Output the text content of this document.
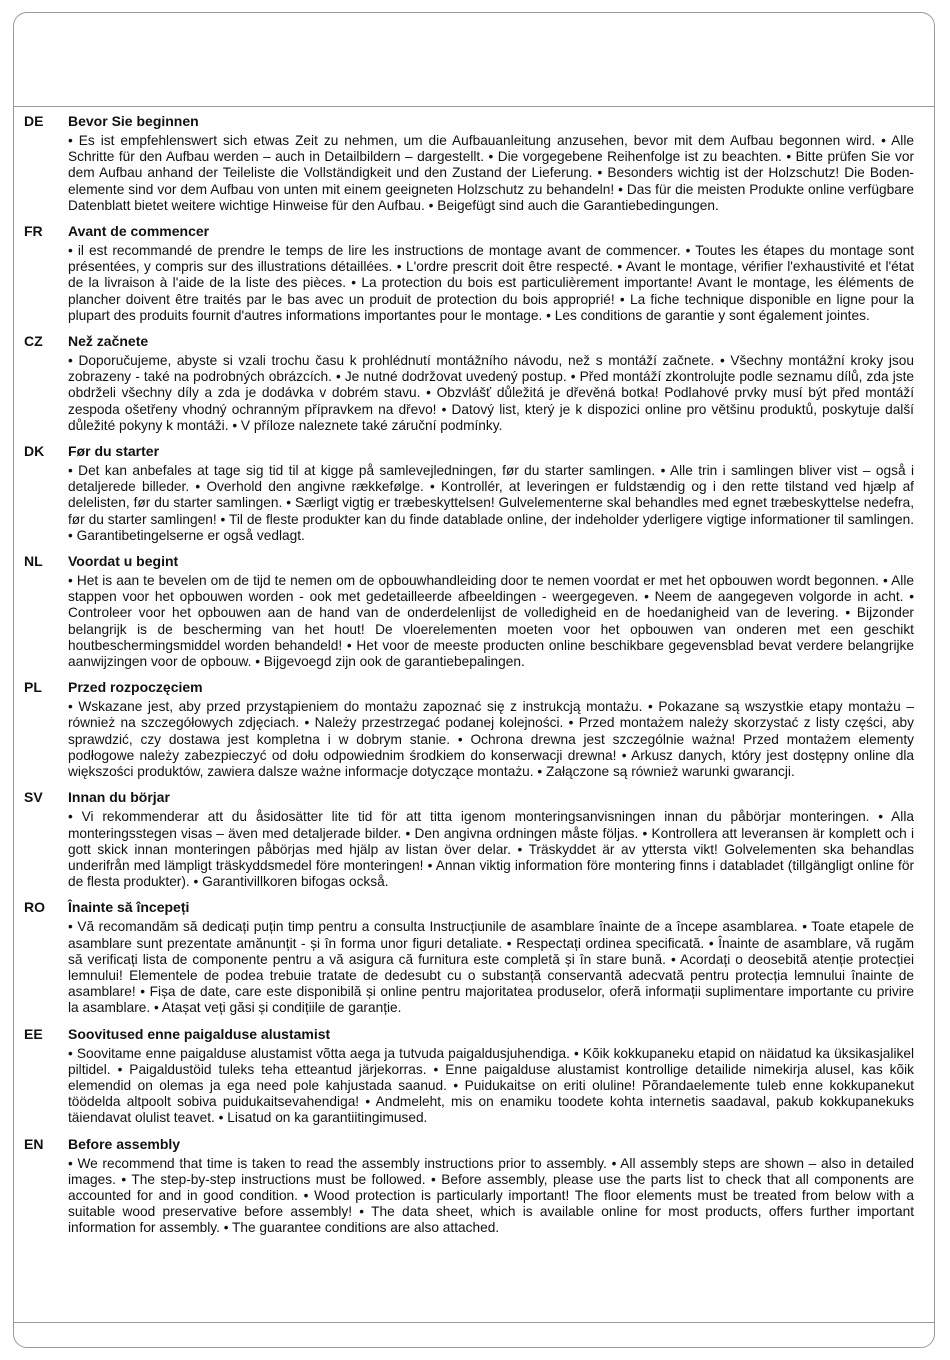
DE Bevor Sie beginnen
• Es ist empfehlenswert sich etwas Zeit zu nehmen, um die Aufbauanleitung anzusehen, bevor mit dem Aufbau begonnen wird. • Alle Schritte für den Aufbau werden – auch in Detailbildern – dargestellt. • Die vorgegebene Reihenfolge ist zu beachten. • Bitte prüfen Sie vor dem Aufbau anhand der Teileliste die Vollständigkeit und den Zustand der Lieferung. • Besonders wichtig ist der Holzschutz! Die Boden-elemente sind vor dem Aufbau von unten mit einem geeigneten Holzschutz zu behandeln! • Das für die meisten Produkte online verfügbare Datenblatt bietet weitere wichtige Hinweise für den Aufbau. • Beigefügt sind auch die Garantiebedingungen.
FR Avant de commencer
• il est recommandé de prendre le temps de lire les instructions de montage avant de commencer. • Toutes les étapes du montage sont présentées, y compris sur des illustrations détaillées. • L'ordre prescrit doit être respecté. • Avant le montage, vérifier l'exhaustivité et l'état de la livraison à l'aide de la liste des pièces. • La protection du bois est particulièrement importante! Avant le montage, les éléments de plancher doivent être traités par le bas avec un produit de protection du bois approprié! • La fiche technique disponible en ligne pour la plupart des produits fournit d'autres informations importantes pour le montage. • Les conditions de garantie y sont également jointes.
CZ Než začnete
• Doporučujeme, abyste si vzali trochu času k prohlédnutí montážního návodu, než s montáží začnete. • Všechny montážní kroky jsou zobrazeny - také na podrobných obrázcích. • Je nutné dodržovat uvedený postup. • Před montáží zkontrolujte podle seznamu dílů, zda jste obdrželi všechny díly a zda je dodávka v dobrém stavu. • Obzvlášť důležitá je dřevěná botka! Podlahové prvky musí být před montáží zespoda ošetřeny vhodný ochranným přípravkem na dřevo! • Datový list, který je k dispozici online pro většinu produktů, poskytuje další důležité pokyny k montáži. • V příloze naleznete také záruční podmínky.
DK Før du starter
• Det kan anbefales at tage sig tid til at kigge på samlevejledningen, før du starter samlingen. • Alle trin i samlingen bliver vist – også i detaljerede billeder. • Overhold den angivne rækkefølge. • Kontrollér, at leveringen er fuldstændig og i den rette tilstand ved hjælp af delelisten, før du starter samlingen. • Særligt vigtig er træbeskyttelsen! Gulvelementerne skal behandles med egnet træbeskyttelse nedefra, før du starter samlingen! • Til de fleste produkter kan du finde datablade online, der indeholder yderligere vigtige informationer til samlingen. • Garantibetingelserne er også vedlagt.
NL Voordat u begint
• Het is aan te bevelen om de tijd te nemen om de opbouwhandleiding door te nemen voordat er met het opbouwen wordt begonnen. • Alle stappen voor het opbouwen worden - ook met gedetailleerde afbeeldingen - weergegeven. • Neem de aangegeven volgorde in acht. • Controleer voor het opbouwen aan de hand van de onderdelenlijst de volledigheid en de hoedanigheid van de levering. • Bijzonder belangrijk is de bescherming van het hout! De vloerelementen moeten voor het opbouwen van onderen met een geschikt houtbeschermingsmiddel worden behandeld! • Het voor de meeste producten online beschikbare gegevensblad bevat verdere belangrijke aanwijzingen voor de opbouw. • Bijgevoegd zijn ook de garantiebepalingen.
PL Przed rozpoczęciem
• Wskazane jest, aby przed przystąpieniem do montażu zapoznać się z instrukcją montażu. • Pokazane są wszystkie etapy montażu – również na szczegółowych zdjęciach. • Należy przestrzegać podanej kolejności. • Przed montażem należy skorzystać z listy części, aby sprawdzić, czy dostawa jest kompletna i w dobrym stanie. • Ochrona drewna jest szczególnie ważna! Przed montażem elementy podłogowe należy zabezpieczyć od dołu odpowiednim środkiem do konserwacji drewna! • Arkusz danych, który jest dostępny online dla większości produktów, zawiera dalsze ważne informacje dotyczące montażu. • Załączone są również warunki gwarancji.
SV Innan du börjar
• Vi rekommenderar att du åsidosätter lite tid för att titta igenom monteringsanvisningen innan du påbörjar monteringen. • Alla monteringsstegen visas – även med detaljerade bilder. • Den angivna ordningen måste följas. • Kontrollera att leveransen är komplett och i gott skick innan monteringen påbörjas med hjälp av listan över delar. • Träskyddet är av yttersta vikt! Golvelementen ska behandlas underifrån med lämpligt träskyddsmedel före monteringen! • Annan viktig information före montering finns i databladet (tillgängligt online för de flesta produkter). • Garantivillkoren bifogas också.
RO Înainte să începeți
• Vă recomandăm să dedicați puțin timp pentru a consulta Instrucțiunile de asamblare înainte de a începe asamblarea. • Toate etapele de asamblare sunt prezentate amănunțit - și în forma unor figuri detaliate. • Respectați ordinea specificată. • Înainte de asamblare, vă rugăm să verificați lista de componente pentru a vă asigura că furnitura este completă și în stare bună. • Acordați o deosebită atenție protecției lemnului! Elementele de podea trebuie tratate de dedesubt cu o substanță conservantă adecvată pentru protecția lemnului înainte de asamblare! • Fișa de date, care este disponibilă și online pentru majoritatea produselor, oferă informații suplimentare importante cu privire la asamblare. • Atașat veți găsi și condițiile de garanție.
EE Soovitused enne paigalduse alustamist
• Soovitame enne paigalduse alustamist võtta aega ja tutvuda paigaldusjuhendiga. • Kõik kokkupaneku etapid on näidatud ka üksikasjalikel piltidel. • Paigaldustöid tuleks teha etteantud järjekorras. • Enne paigalduse alustamist kontrollige detailide nimekirja alusel, kas kõik elemendid on olemas ja ega need pole kahjustada saanud. • Puidukaitse on eriti oluline! Põrandaelemente tuleb enne kokkupanekut töödelda altpoolt sobiva puidukaitsevahendiga! • Andmeleht, mis on enamiku toodete kohta internetis saadaval, pakub kokkupanekuks täiendavat olulist teavet. • Lisatud on ka garantiitingimused.
EN Before assembly
• We recommend that time is taken to read the assembly instructions prior to assembly. • All assembly steps are shown – also in detailed images. • The step-by-step instructions must be followed. • Before assembly, please use the parts list to check that all components are accounted for and in good condition. • Wood protection is particularly important! The floor elements must be treated from below with a suitable wood preservative before assembly! • The data sheet, which is available online for most products, offers further important information for assembly. • The guarantee conditions are also attached.
